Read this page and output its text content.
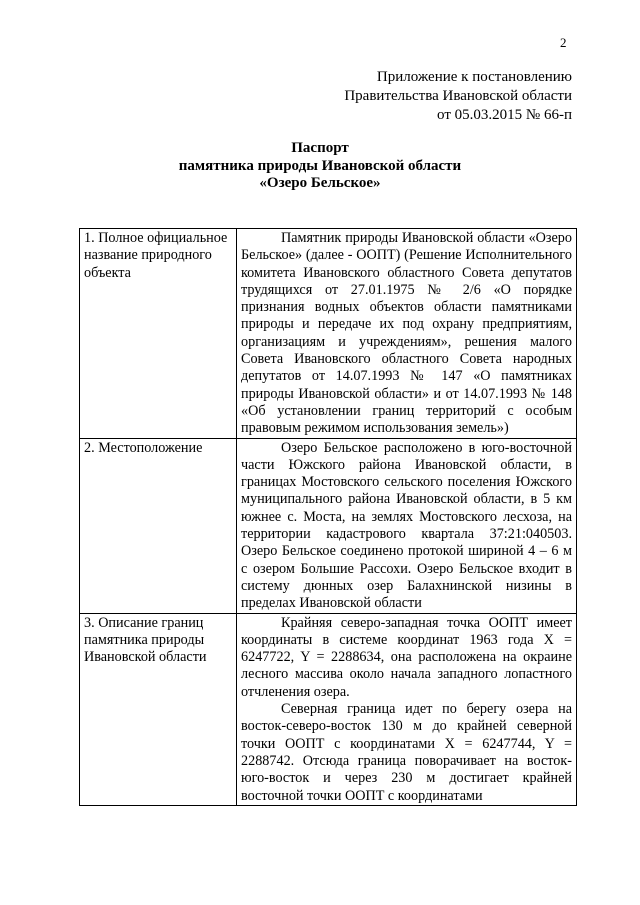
2
Приложение к постановлению
Правительства Ивановской области
от 05.03.2015 № 66-п
Паспорт
памятника природы Ивановской области
«Озеро Бельское»
1. Полное официальное название природного объекта	Памятник природы Ивановской области «Озеро Бельское» (далее - ООПТ) (Решение Исполнительного комитета Ивановского областного Совета депутатов трудящихся от 27.01.1975 № 2/6 «О порядке признания водных объектов области памятниками природы и передаче их под охрану предприятиям, организациям и учреждениям», решения малого Совета Ивановского областного Совета народных депутатов от 14.07.1993 № 147 «О памятниках природы Ивановской области» и от 14.07.1993 № 148 «Об установлении границ территорий с особым правовым режимом использования земель»)

2. Местоположение	Озеро Бельское расположено в юго-восточной части Южского района Ивановской области, в границах Мостовского сельского поселения Южского муниципального района Ивановской области, в 5 км южнее с. Моста, на землях Мостовского лесхоза, на территории кадастрового квартала 37:21:040503. Озеро Бельское соединено протокой шириной 4 – 6 м с озером Большие Рассохи. Озеро Бельское входит в систему дюнных озер Балахнинской низины в пределах Ивановской области

3. Описание границ памятника природы Ивановской области	Крайняя северо-западная точка ООПТ имеет координаты в системе координат 1963 года X = 6247722, Y = 2288634, она расположена на окраине лесного массива около начала западного лопастного отчленения озера.

Северная граница идет по берегу озера на восток-северо-восток 130 м до крайней северной точки ООПТ с координатами X = 6247744, Y = 2288742. Отсюда граница поворачивает на восток-юго-восток и через 230 м достигает крайней восточной точки ООПТ с координатами
